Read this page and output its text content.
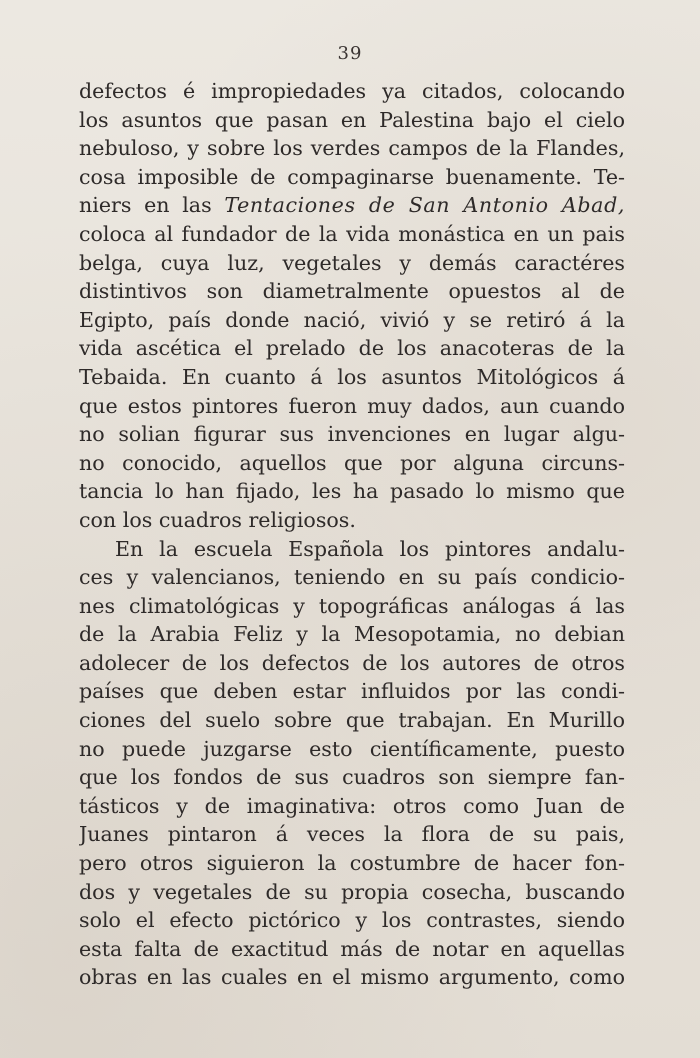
39
defectos é impropiedades ya citados, colocando
los asuntos que pasan en Palestina bajo el cielo
nebuloso, y sobre los verdes campos de la Flandes,
cosa imposible de compaginarse buenamente. Te-
niers en las Tentaciones de San Antonio Abad,
coloca al fundador de la vida monástica en un pais
belga, cuya luz, vegetales y demás caractéres
distintivos son diametralmente opuestos al de
Egipto, país donde nació, vivió y se retiró á la
vida ascética el prelado de los anacoteras de la
Tebaida. En cuanto á los asuntos Mitológicos á
que estos pintores fueron muy dados, aun cuando
no solian figurar sus invenciones en lugar algu-
no conocido, aquellos que por alguna circuns-
tancia lo han fijado, les ha pasado lo mismo que
con los cuadros religiosos.
En la escuela Española los pintores andalu-
ces y valencianos, teniendo en su país condicio-
nes climatológicas y topográficas análogas á las
de la Arabia Feliz y la Mesopotamia, no debian
adolecer de los defectos de los autores de otros
países que deben estar influidos por las condi-
ciones del suelo sobre que trabajan. En Murillo
no puede juzgarse esto científicamente, puesto
que los fondos de sus cuadros son siempre fan-
tásticos y de imaginativa: otros como Juan de
Juanes pintaron á veces la flora de su pais,
pero otros siguieron la costumbre de hacer fon-
dos y vegetales de su propia cosecha, buscando
solo el efecto pictórico y los contrastes, siendo
esta falta de exactitud más de notar en aquellas
obras en las cuales en el mismo argumento, como
